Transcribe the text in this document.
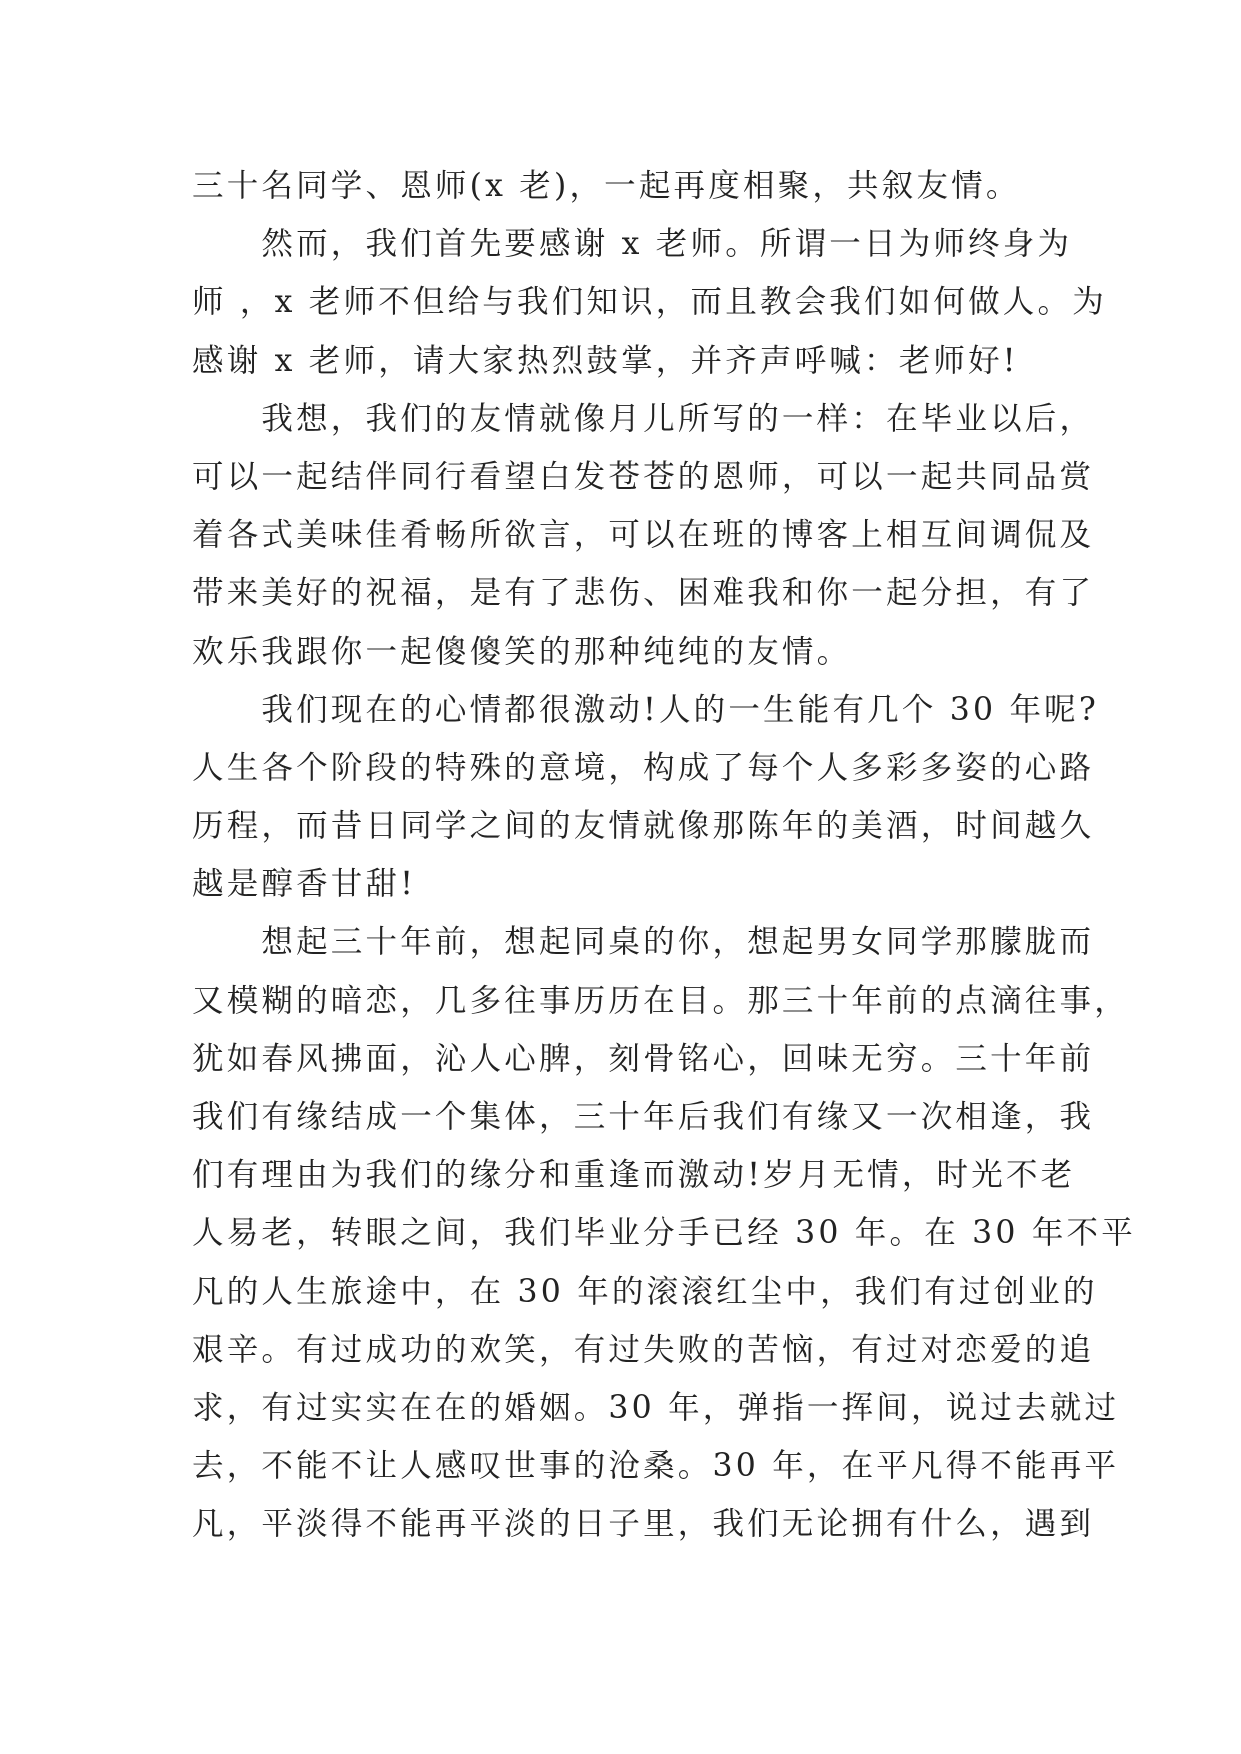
三十名同学、恩师(x 老)，一起再度相聚，共叙友情。

　　然而，我们首先要感谢 x 老师。所谓一日为师终身为

师 ，x 老师不但给与我们知识，而且教会我们如何做人。为

感谢 x 老师，请大家热烈鼓掌，并齐声呼喊：老师好!

　　我想，我们的友情就像月儿所写的一样：在毕业以后，

可以一起结伴同行看望白发苍苍的恩师，可以一起共同品赏

着各式美味佳肴畅所欲言，可以在班的博客上相互间调侃及

带来美好的祝福，是有了悲伤、困难我和你一起分担，有了

欢乐我跟你一起傻傻笑的那种纯纯的友情。

　　我们现在的心情都很激动!人的一生能有几个 30 年呢?

人生各个阶段的特殊的意境，构成了每个人多彩多姿的心路

历程，而昔日同学之间的友情就像那陈年的美酒，时间越久

越是醇香甘甜!

　　想起三十年前，想起同桌的你，想起男女同学那朦胧而

又模糊的暗恋，几多往事历历在目。那三十年前的点滴往事，

犹如春风拂面，沁人心脾，刻骨铭心，回味无穷。三十年前

我们有缘结成一个集体，三十年后我们有缘又一次相逢，我

们有理由为我们的缘分和重逢而激动!岁月无情，时光不老

人易老，转眼之间，我们毕业分手已经 30 年。在 30 年不平

凡的人生旅途中，在 30 年的滚滚红尘中，我们有过创业的

艰辛。有过成功的欢笑，有过失败的苦恼，有过对恋爱的追

求，有过实实在在的婚姻。30 年，弹指一挥间，说过去就过

去，不能不让人感叹世事的沧桑。30 年，在平凡得不能再平

凡，平淡得不能再平淡的日子里，我们无论拥有什么，遇到
